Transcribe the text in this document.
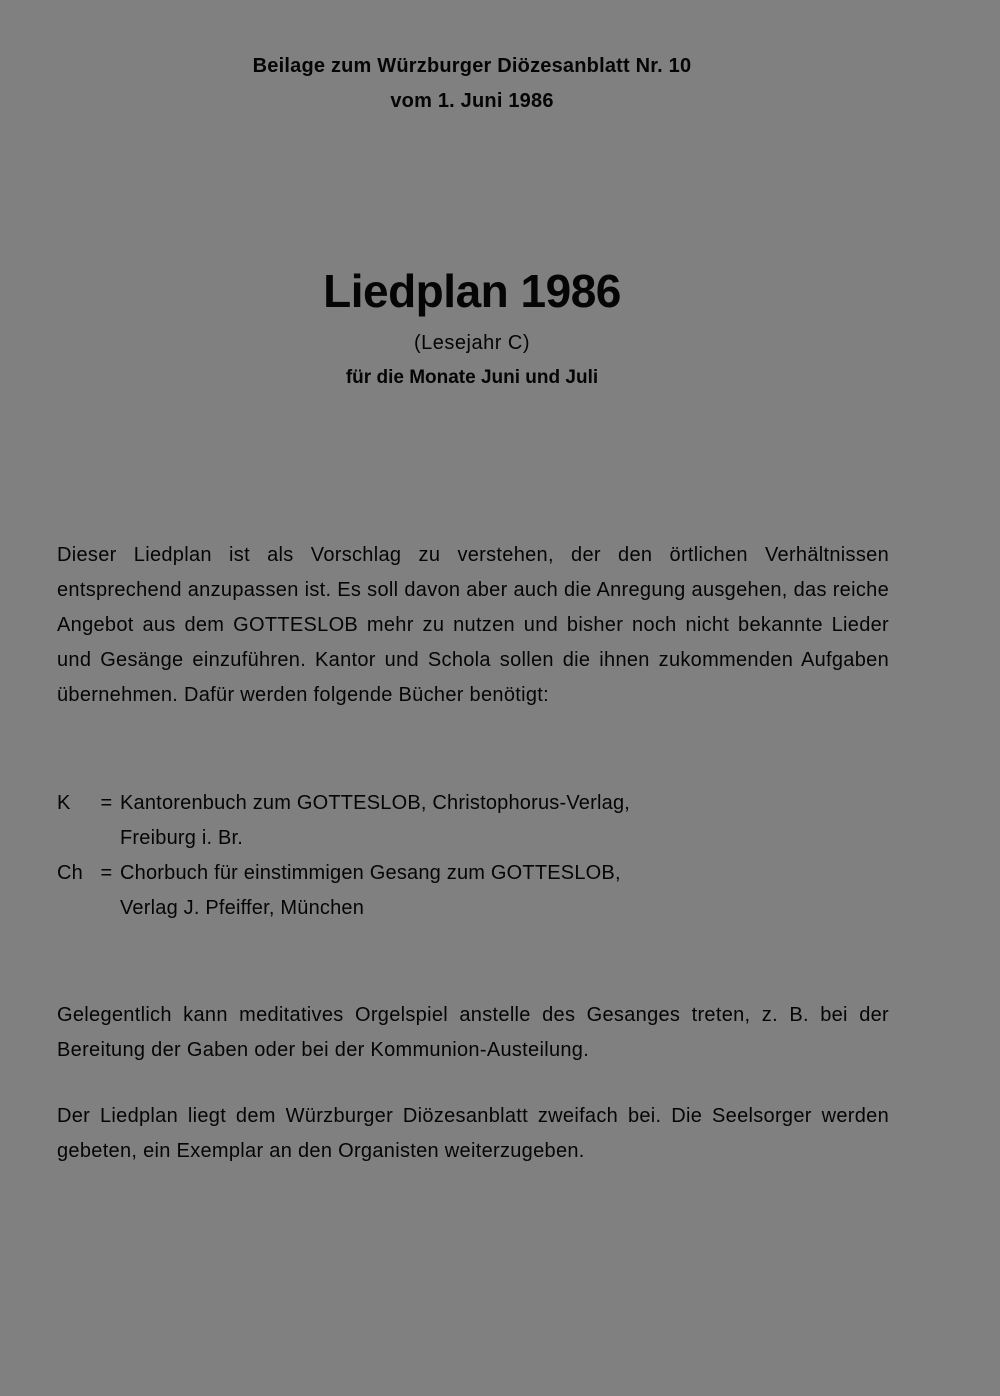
Beilage zum Würzburger Diözesanblatt Nr. 10
vom 1. Juni 1986
Liedplan 1986
(Lesejahr C)
für die Monate Juni und Juli
Dieser Liedplan ist als Vorschlag zu verstehen, der den örtlichen Verhältnissen entsprechend anzupassen ist. Es soll davon aber auch die Anregung ausgehen, das reiche Angebot aus dem GOTTESLOB mehr zu nutzen und bisher noch nicht bekannte Lieder und Gesänge einzuführen. Kantor und Schola sollen die ihnen zukommenden Aufgaben übernehmen. Dafür werden folgende Bücher benötigt:
K	= Kantorenbuch zum GOTTESLOB, Christophorus-Verlag,
Freiburg i. Br.
Ch = Chorbuch für einstimmigen Gesang zum GOTTESLOB,
Verlag J. Pfeiffer, München
Gelegentlich kann meditatives Orgelspiel anstelle des Gesanges treten, z. B. bei der Bereitung der Gaben oder bei der Kommunion-Austeilung.
Der Liedplan liegt dem Würzburger Diözesanblatt zweifach bei. Die Seelsorger werden gebeten, ein Exemplar an den Organisten weiterzugeben.
